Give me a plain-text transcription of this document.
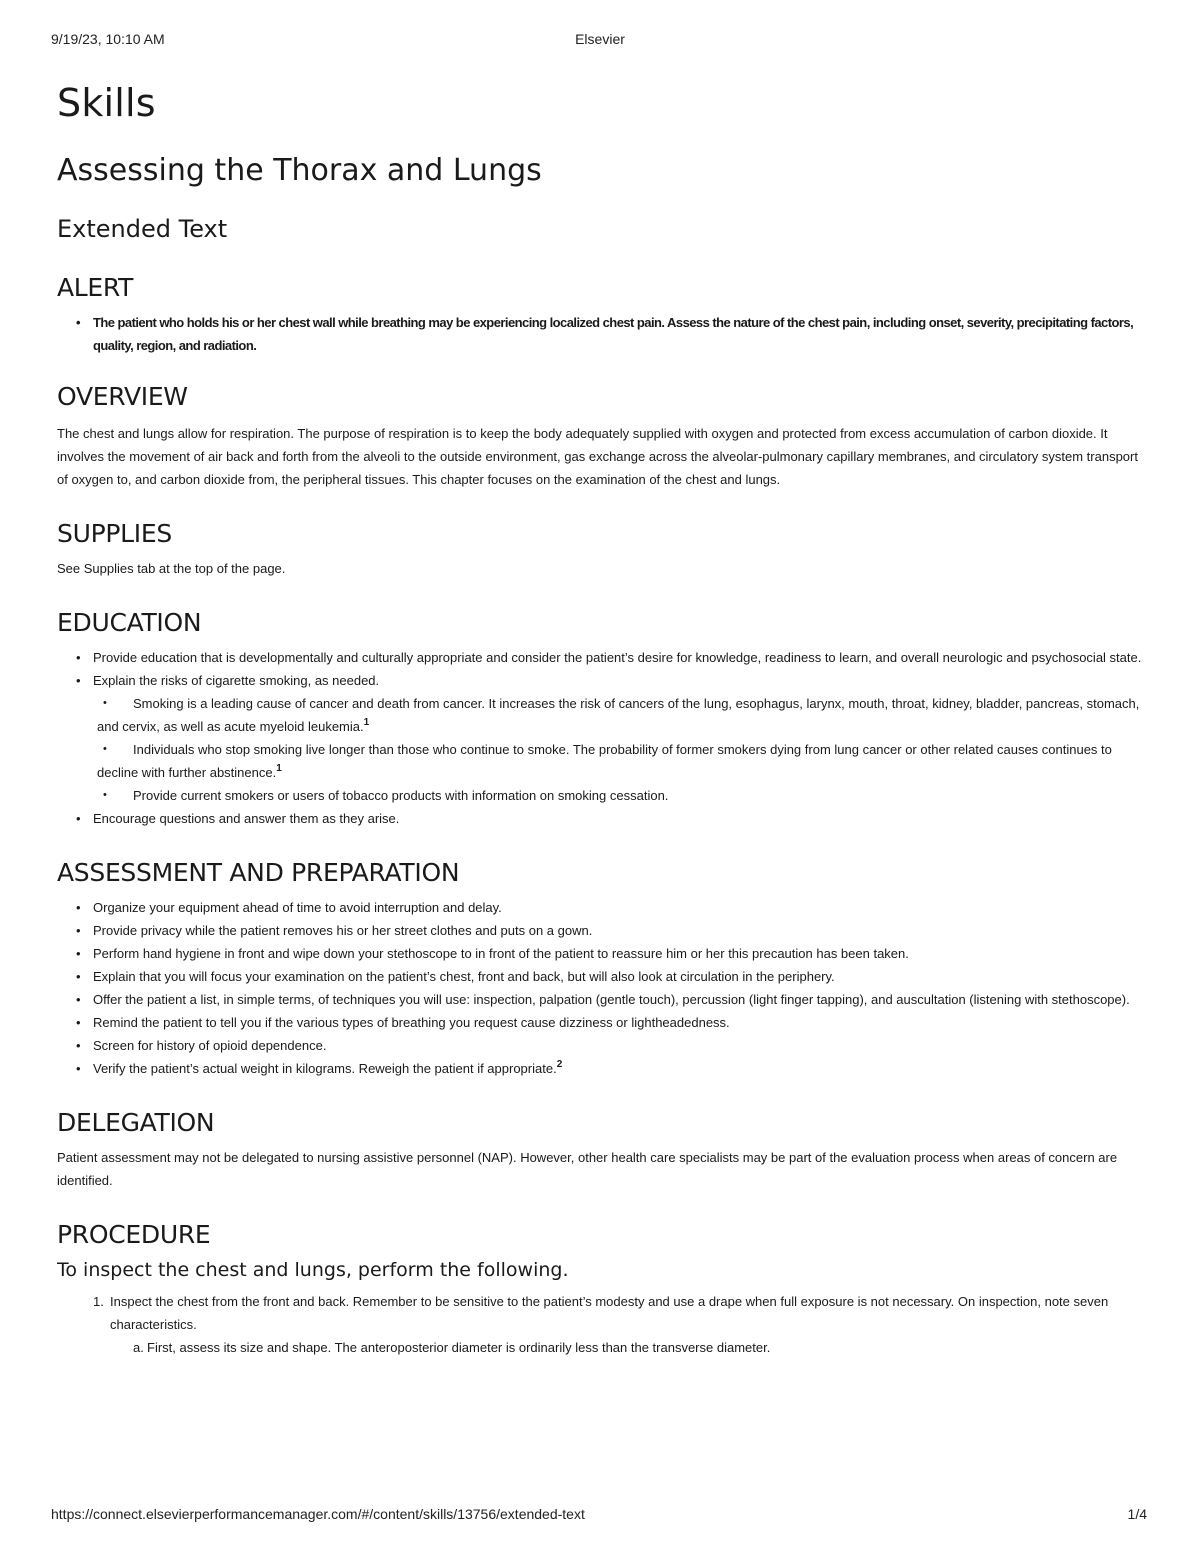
9/19/23, 10:10 AM	Elsevier
Skills
Assessing the Thorax and Lungs
Extended Text
ALERT
• The patient who holds his or her chest wall while breathing may be experiencing localized chest pain. Assess the nature of the chest pain, including onset, severity, precipitating factors, quality, region, and radiation.
OVERVIEW

The chest and lungs allow for respiration. The purpose of respiration is to keep the body adequately supplied with oxygen and protected from excess accumulation of carbon dioxide. It involves the movement of air back and forth from the alveoli to the outside environment, gas exchange across the alveolar-pulmonary capillary membranes, and circulatory system transport of oxygen to, and carbon dioxide from, the peripheral tissues. This chapter focuses on the examination of the chest and lungs.

SUPPLIES

See Supplies tab at the top of the page.

EDUCATION
• Provide education that is developmentally and culturally appropriate and consider the patient’s desire for knowledge, readiness to learn, and overall neurologic and psychosocial state.
• Explain the risks of cigarette smoking, as needed.
• Smoking is a leading cause of cancer and death from cancer. It increases the risk of cancers of the lung, esophagus, larynx, mouth, throat, kidney, bladder, pancreas, stomach, and cervix, as well as acute myeloid leukemia.$^1$
• Individuals who stop smoking live longer than those who continue to smoke. The probability of former smokers dying from lung cancer or other related causes continues to decline with further abstinence.$^1$
• Provide current smokers or users of tobacco products with information on smoking cessation.
• Encourage questions and answer them as they arise.
ASSESSMENT AND PREPARATION
• Organize your equipment ahead of time to avoid interruption and delay.
• Provide privacy while the patient removes his or her street clothes and puts on a gown.
• Perform hand hygiene in front and wipe down your stethoscope to in front of the patient to reassure him or her this precaution has been taken.
• Explain that you will focus your examination on the patient’s chest, front and back, but will also look at circulation in the periphery.
• Offer the patient a list, in simple terms, of techniques you will use: inspection, palpation (gentle touch), percussion (light finger tapping), and auscultation (listening with stethoscope).
• Remind the patient to tell you if the various types of breathing you request cause dizziness or lightheadedness.
• Screen for history of opioid dependence.
• Verify the patient’s actual weight in kilograms. Reweigh the patient if appropriate.$^2$
DELEGATION

Patient assessment may not be delegated to nursing assistive personnel (NAP). However, other health care specialists may be part of the evaluation process when areas of concern are identified.

PROCEDURE
To inspect the chest and lungs, perform the following.
1. Inspect the chest from the front and back. Remember to be sensitive to the patient’s modesty and use a drape when full exposure is not necessary. On inspection, note seven characteristics.
a. First, assess its size and shape. The anteroposterior diameter is ordinarily less than the transverse diameter.
https://connect.elsevierperformancemanager.com/#/content/skills/13756/extended-text	1/4
